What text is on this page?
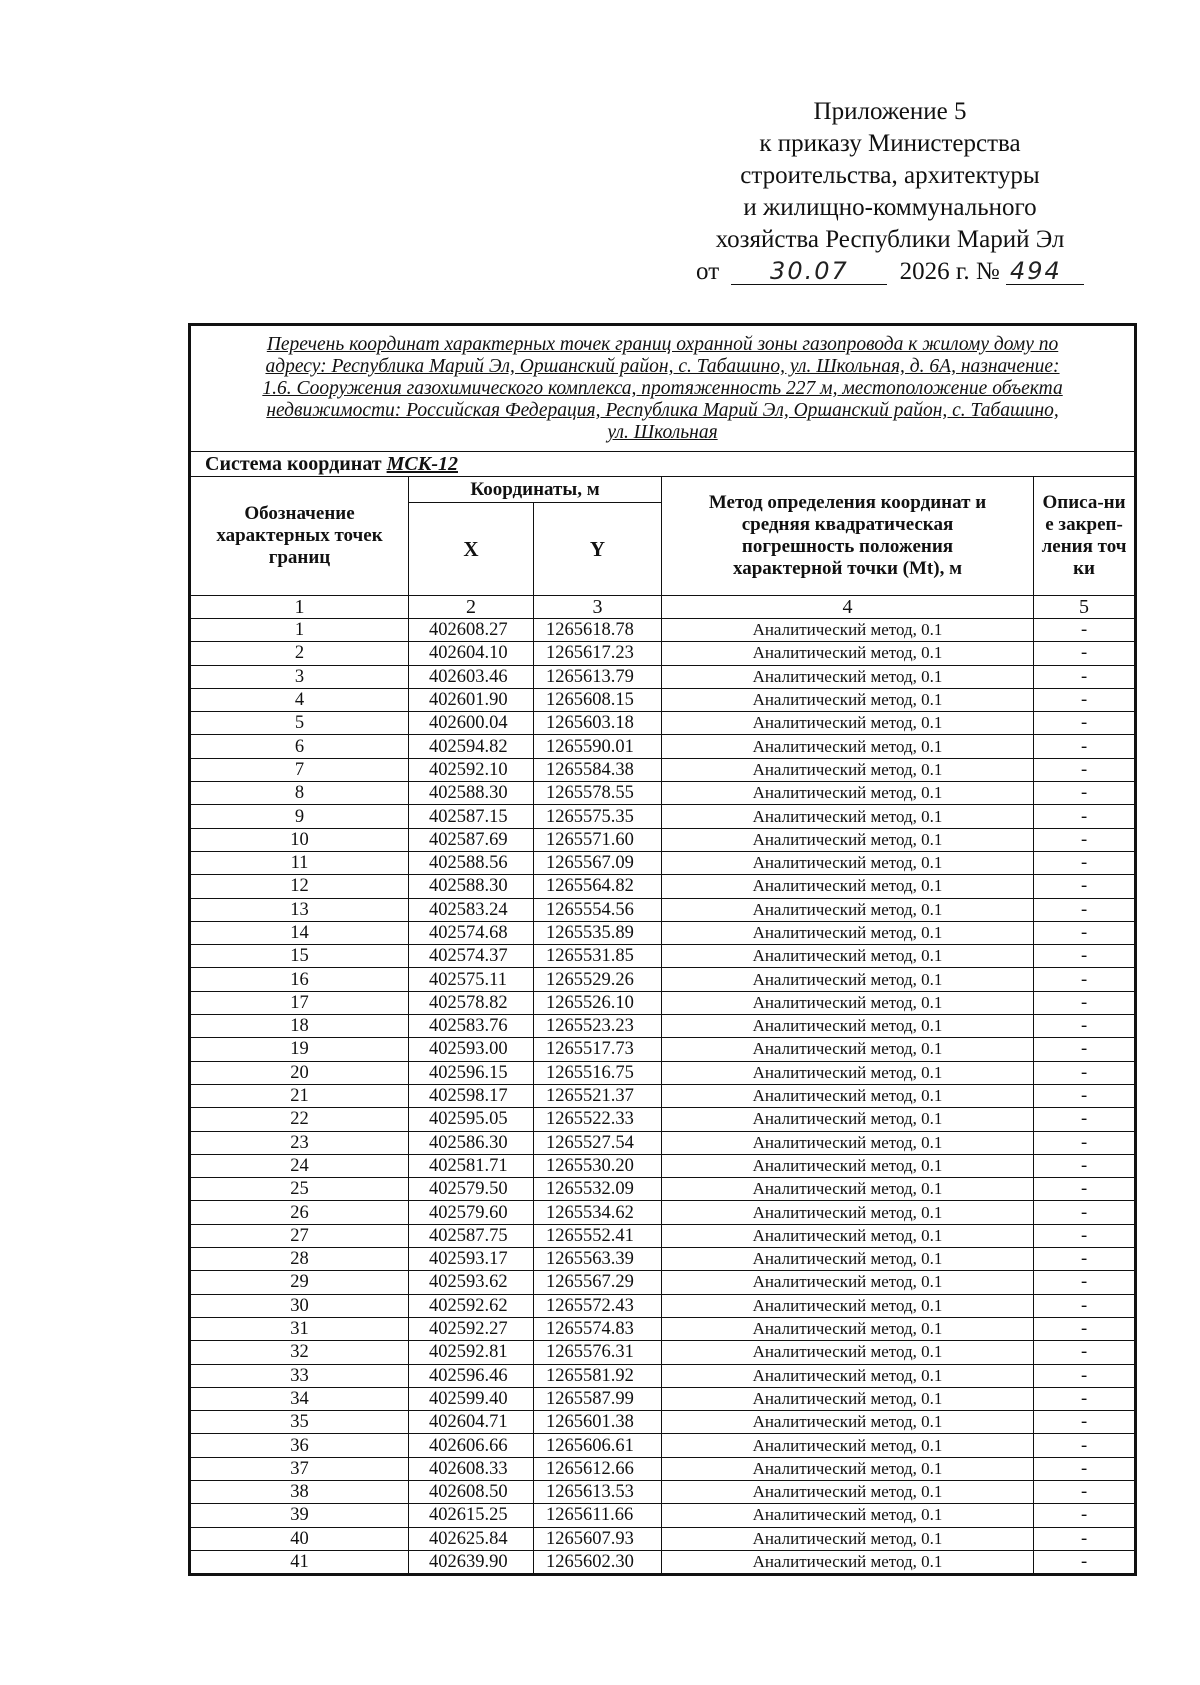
Приложение 5
к приказу Министерства
строительства, архитектуры
и жилищно-коммунального
хозяйства Республики Марий Эл
от 30.07 2026 г. № 494
Перечень координат характерных точек границ охранной зоны газопровода к жилому дому по
адресу: Республика Марий Эл, Оршанский район, с. Табашино, ул. Школьная, д. 6А, назначение:
1.6. Сооружения газохимического комплекса, протяженность 227 м, местоположение объекта
недвижимости: Российская Федерация, Республика Марий Эл, Оршанский район, с. Табашино,
ул. Школьная				
Система координат МСК-12				
Обозначение характерных точек границ	Координаты, м		Метод определения координат и средняя квадратическая погрешность положения характерной точки (Mt), м	Описа-ние закреп-ления точки
	X	Y		
1	2	3	4	5
1	402608.27	1265618.78	Аналитический метод, 0.1	-
2	402604.10	1265617.23	Аналитический метод, 0.1	-
3	402603.46	1265613.79	Аналитический метод, 0.1	-
4	402601.90	1265608.15	Аналитический метод, 0.1	-
5	402600.04	1265603.18	Аналитический метод, 0.1	-
6	402594.82	1265590.01	Аналитический метод, 0.1	-
7	402592.10	1265584.38	Аналитический метод, 0.1	-
8	402588.30	1265578.55	Аналитический метод, 0.1	-
9	402587.15	1265575.35	Аналитический метод, 0.1	-
10	402587.69	1265571.60	Аналитический метод, 0.1	-
11	402588.56	1265567.09	Аналитический метод, 0.1	-
12	402588.30	1265564.82	Аналитический метод, 0.1	-
13	402583.24	1265554.56	Аналитический метод, 0.1	-
14	402574.68	1265535.89	Аналитический метод, 0.1	-
15	402574.37	1265531.85	Аналитический метод, 0.1	-
16	402575.11	1265529.26	Аналитический метод, 0.1	-
17	402578.82	1265526.10	Аналитический метод, 0.1	-
18	402583.76	1265523.23	Аналитический метод, 0.1	-
19	402593.00	1265517.73	Аналитический метод, 0.1	-
20	402596.15	1265516.75	Аналитический метод, 0.1	-
21	402598.17	1265521.37	Аналитический метод, 0.1	-
22	402595.05	1265522.33	Аналитический метод, 0.1	-
23	402586.30	1265527.54	Аналитический метод, 0.1	-
24	402581.71	1265530.20	Аналитический метод, 0.1	-
25	402579.50	1265532.09	Аналитический метод, 0.1	-
26	402579.60	1265534.62	Аналитический метод, 0.1	-
27	402587.75	1265552.41	Аналитический метод, 0.1	-
28	402593.17	1265563.39	Аналитический метод, 0.1	-
29	402593.62	1265567.29	Аналитический метод, 0.1	-
30	402592.62	1265572.43	Аналитический метод, 0.1	-
31	402592.27	1265574.83	Аналитический метод, 0.1	-
32	402592.81	1265576.31	Аналитический метод, 0.1	-
33	402596.46	1265581.92	Аналитический метод, 0.1	-
34	402599.40	1265587.99	Аналитический метод, 0.1	-
35	402604.71	1265601.38	Аналитический метод, 0.1	-
36	402606.66	1265606.61	Аналитический метод, 0.1	-
37	402608.33	1265612.66	Аналитический метод, 0.1	-
38	402608.50	1265613.53	Аналитический метод, 0.1	-
39	402615.25	1265611.66	Аналитический метод, 0.1	-
40	402625.84	1265607.93	Аналитический метод, 0.1	-
41	402639.90	1265602.30	Аналитический метод, 0.1	-
